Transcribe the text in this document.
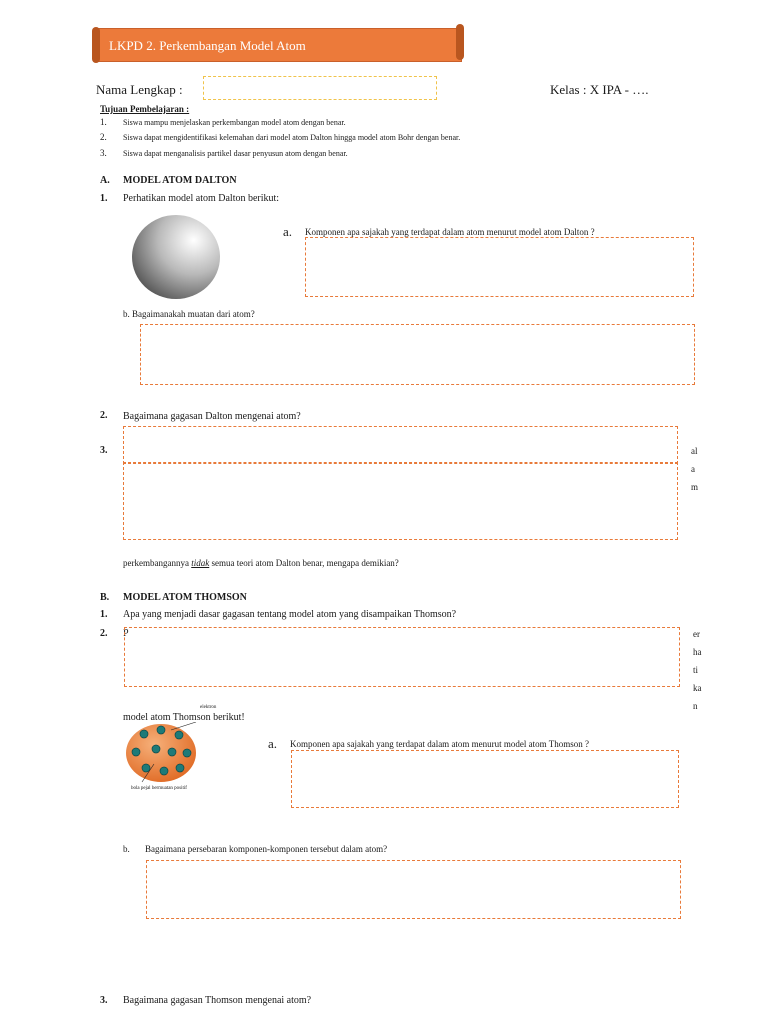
LKPD 2. Perkembangan Model Atom
Nama Lengkap :	Kelas : X IPA - ….
Tujuan Pembelajaran :
1. Siswa mampu menjelaskan perkembangan model atom dengan benar.
2. Siswa dapat mengidentifikasi kelemahan dari model atom Dalton hingga model atom Bohr dengan benar.
3. Siswa dapat menganalisis partikel dasar penyusun atom dengan benar.
A. MODEL ATOM DALTON
1. Perhatikan model atom Dalton berikut:
a. Komponen apa sajakah yang terdapat dalam atom menurut model atom Dalton ?
b. Bagaimanakah muatan dari atom?
2. Bagaimana gagasan Dalton mengenai atom?
3.	al
a
m
perkembangannya tidak semua teori atom Dalton benar, mengapa demikian?
B. MODEL ATOM THOMSON
1. Apa yang menjadi dasar gagasan tentang model atom yang disampaikan Thomson?
2. P	er
ha
ti
ka
n
model atom Thomson berikut!
elektron
bola pejal bermuatan positif
a. Komponen apa sajakah yang terdapat dalam atom menurut model atom Thomson ?
b. Bagaimana persebaran komponen-komponen tersebut dalam atom?
3. Bagaimana gagasan Thomson mengenai atom?
